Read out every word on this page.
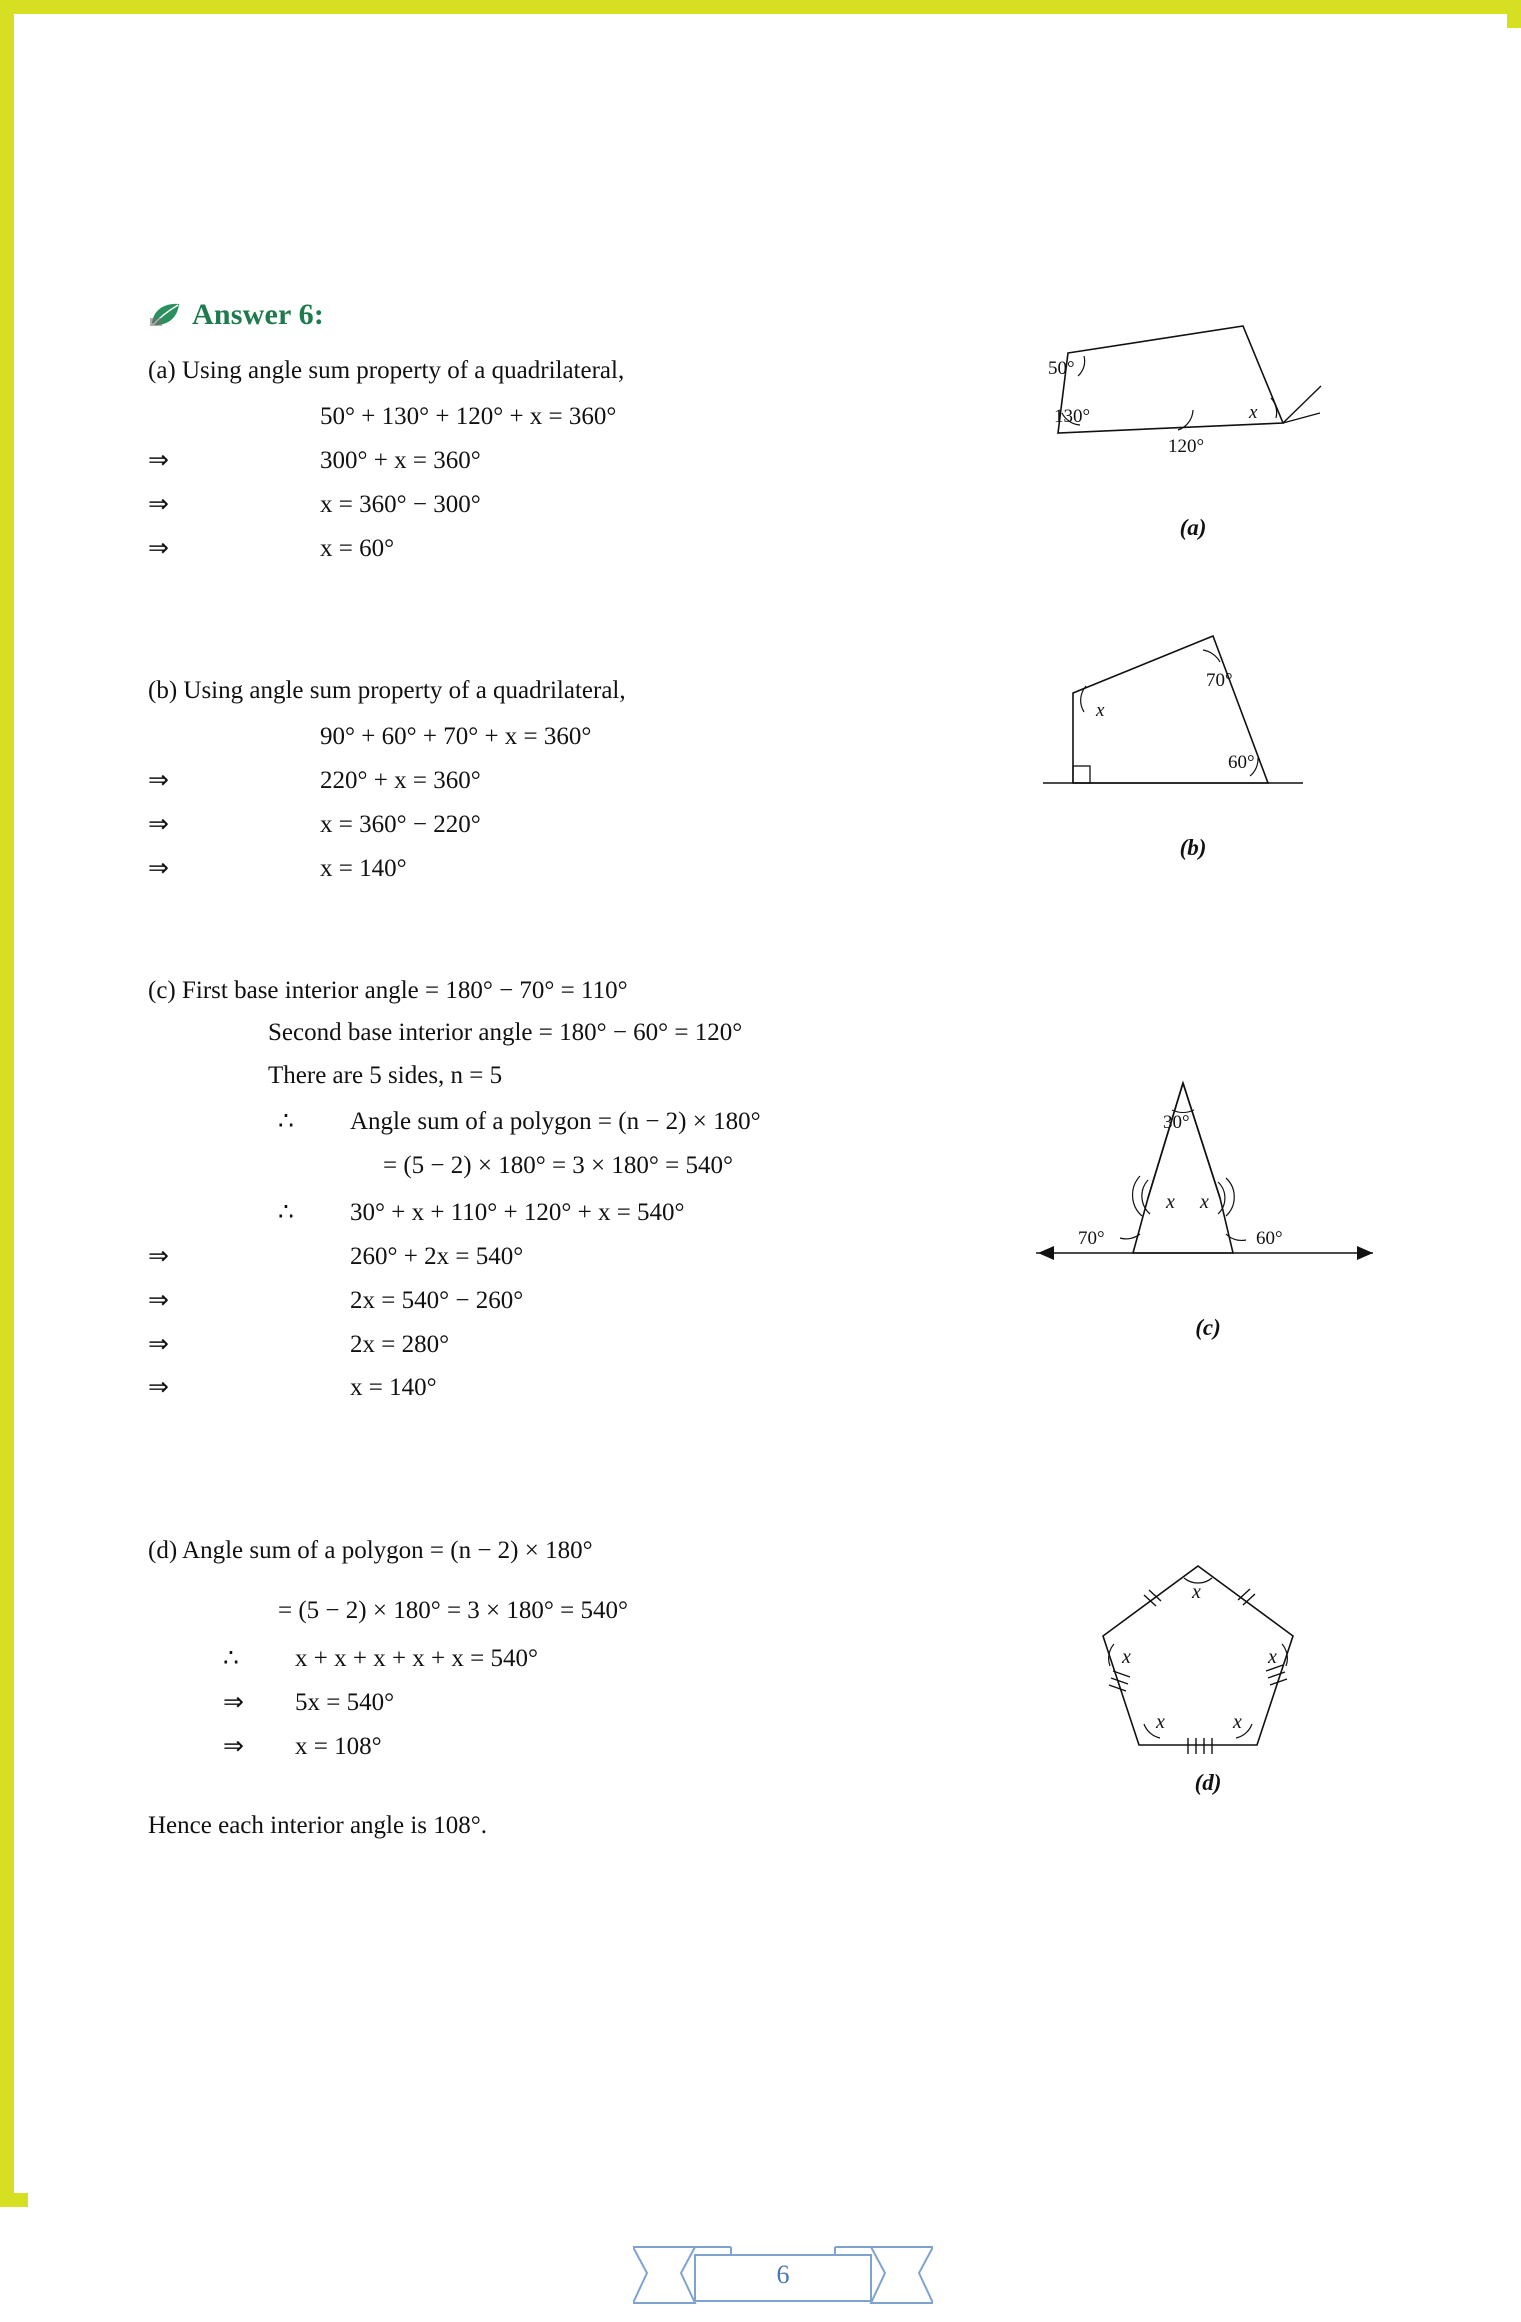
Answer 6:

(a) Using angle sum property of a quadrilateral,

50° + 130° + 120° + x = 360°
⇒	300° + x = 360°
⇒	x = 360° − 300°
⇒	x = 60°
50°
130°
120°
x
(a)

(b) Using angle sum property of a quadrilateral,

90° + 60° + 70° + x = 360°
⇒	220° + x = 360°
⇒	x = 360° − 220°
⇒	x = 140°
70°
60°
x
(b)

(c) First base interior angle = 180° − 70° = 110°

Second base interior angle = 180° − 60° = 120°

There are 5 sides, n = 5

∴	Angle sum of a polygon = (n − 2) × 180°
= (5 − 2) × 180° = 3 × 180° = 540°
∴	30° + x + 110° + 120° + x = 540°
⇒	260° + 2x = 540°
⇒	2x = 540° − 260°
⇒	2x = 280°
⇒	x = 140°
30°
70°	60°
x x
(c)

(d) Angle sum of a polygon = (n − 2) × 180°

= (5 − 2) × 180° = 3 × 180° = 540°
∴	x + x + x + x + x = 540°
⇒	5x = 540°
⇒	x = 108°
x
x	x
x	x
(d)

Hence each interior angle is 108°.

6
